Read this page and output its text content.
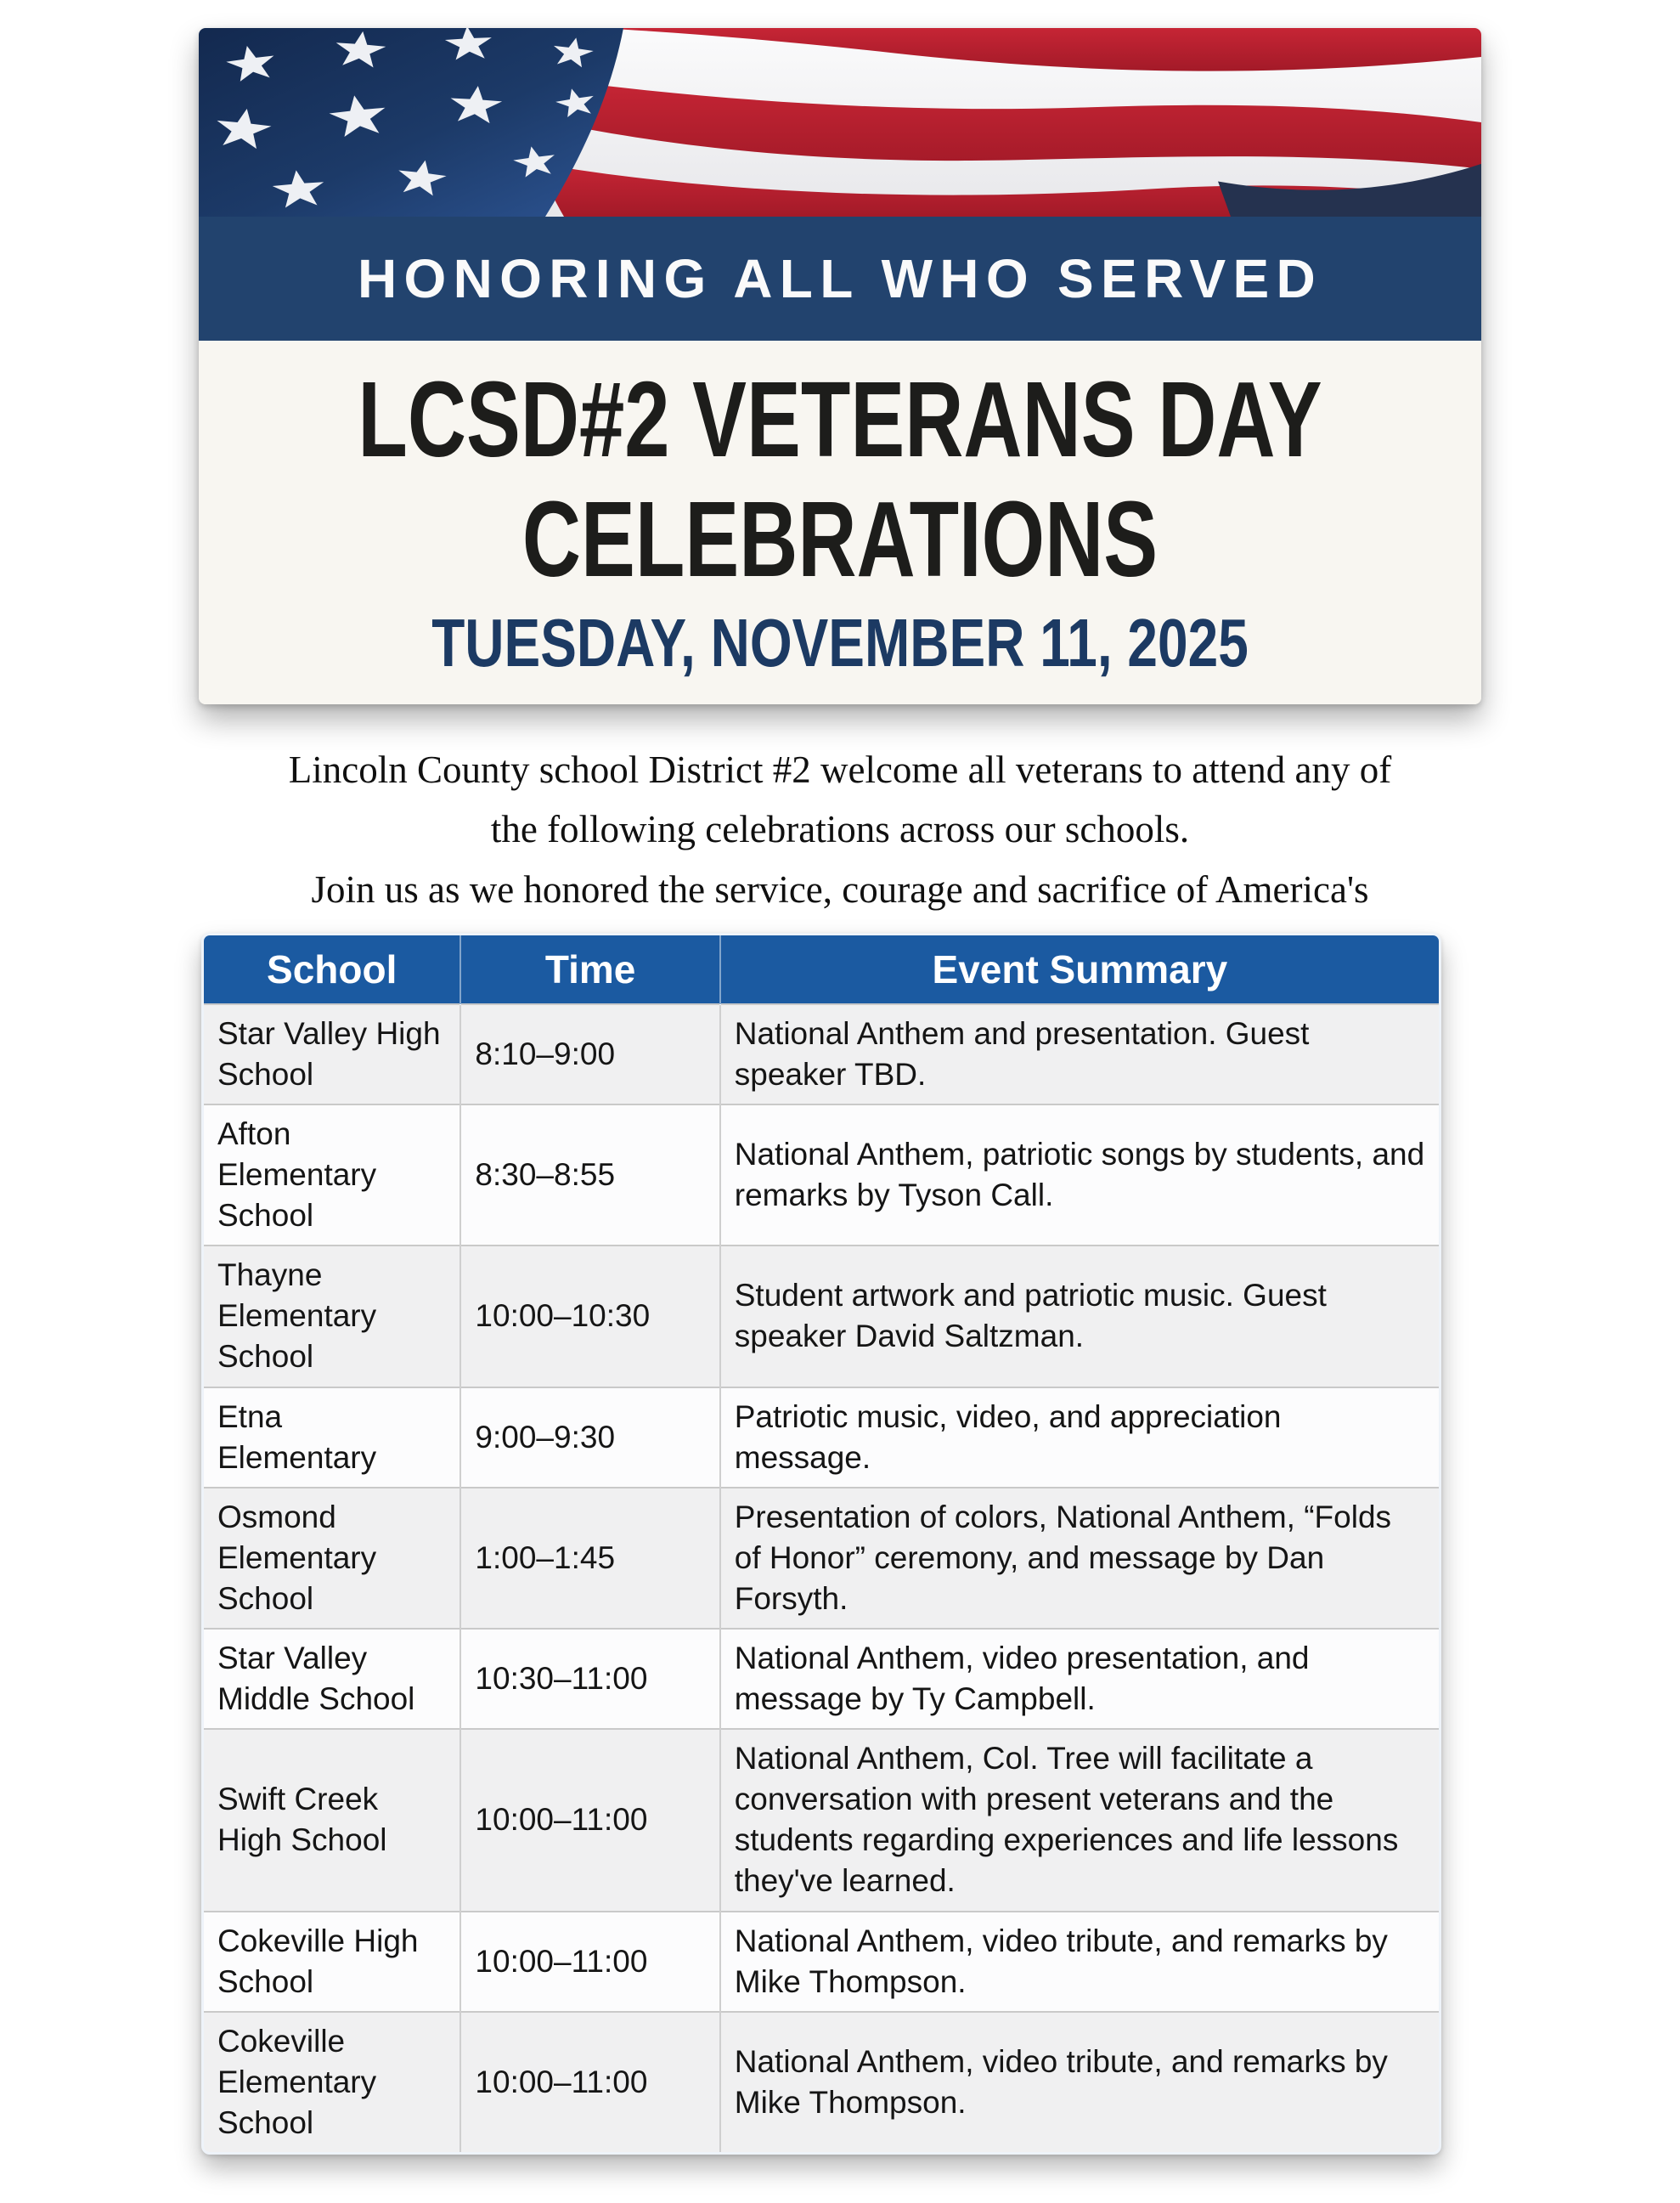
HONORING ALL WHO SERVED
LCSD#2 VETERANS DAY
CELEBRATIONS
TUESDAY, NOVEMBER 11, 2025
Lincoln County school District #2 welcome all veterans to attend any of
the following celebrations across our schools.
Join us as we honored the service, courage and sacrifice of America's
School	Time	Event Summary
Star Valley High School	8:10–9:00	National Anthem and presentation. Guest speaker TBD.
Afton Elementary School	8:30–8:55	National Anthem, patriotic songs by students, and remarks by Tyson Call.
Thayne Elementary School	10:00–10:30	Student artwork and patriotic music. Guest speaker David Saltzman.
Etna Elementary	9:00–9:30	Patriotic music, video, and appreciation message.
Osmond Elementary School	1:00–1:45	Presentation of colors, National Anthem, “Folds of Honor” ceremony, and message by Dan Forsyth.
Star Valley Middle School	10:30–11:00	National Anthem, video presentation, and message by Ty Campbell.
Swift Creek High School	10:00–11:00	National Anthem, Col. Tree will facilitate a conversation with present veterans and the students regarding experiences and life lessons they've learned.
Cokeville High School	10:00–11:00	National Anthem, video tribute, and remarks by Mike Thompson.
Cokeville Elementary School	10:00–11:00	National Anthem, video tribute, and remarks by Mike Thompson.
